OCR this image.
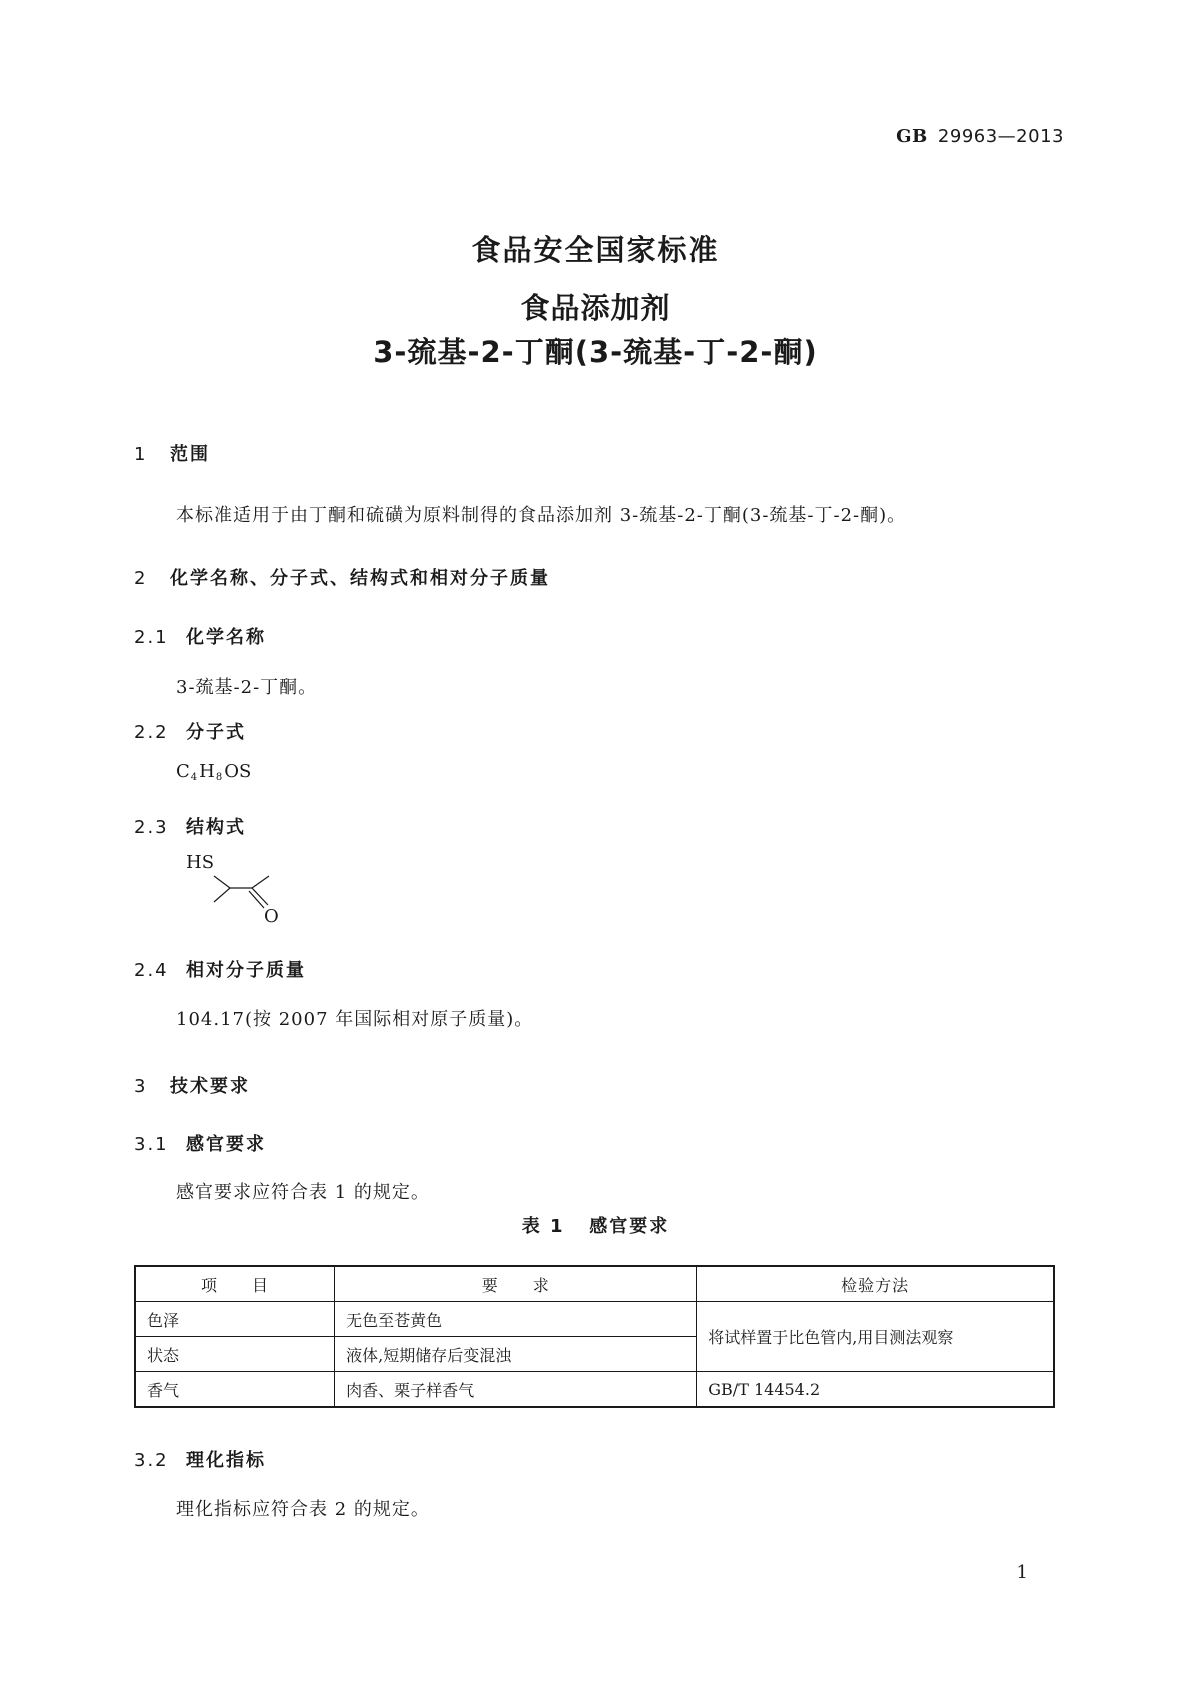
GB 29963—2013
食品安全国家标准
食品添加剂
3-巯基-2-丁酮(3-巯基-丁-2-酮)
1 范围
本标准适用于由丁酮和硫磺为原料制得的食品添加剂 3-巯基-2-丁酮(3-巯基-丁-2-酮)。
2 化学名称、分子式、结构式和相对分子质量
2.1 化学名称
3-巯基-2-丁酮。
2.2 分子式
$C_4$ $H_8$ OS
2.3 结构式
HS
O
2.4 相对分子质量
104.17(按 2007 年国际相对原子质量)。
3 技术要求
3.1 感官要求
感官要求应符合表 1 的规定。
表 1   感官要求
项　　目	要　　求	检验方法
色泽	无色至苍黄色	将试样置于比色管内,用目测法观察
状态	液体,短期储存后变混浊	
香气	肉香、栗子样香气	GB/T 14454.2
3.2 理化指标
理化指标应符合表 2 的规定。
1
